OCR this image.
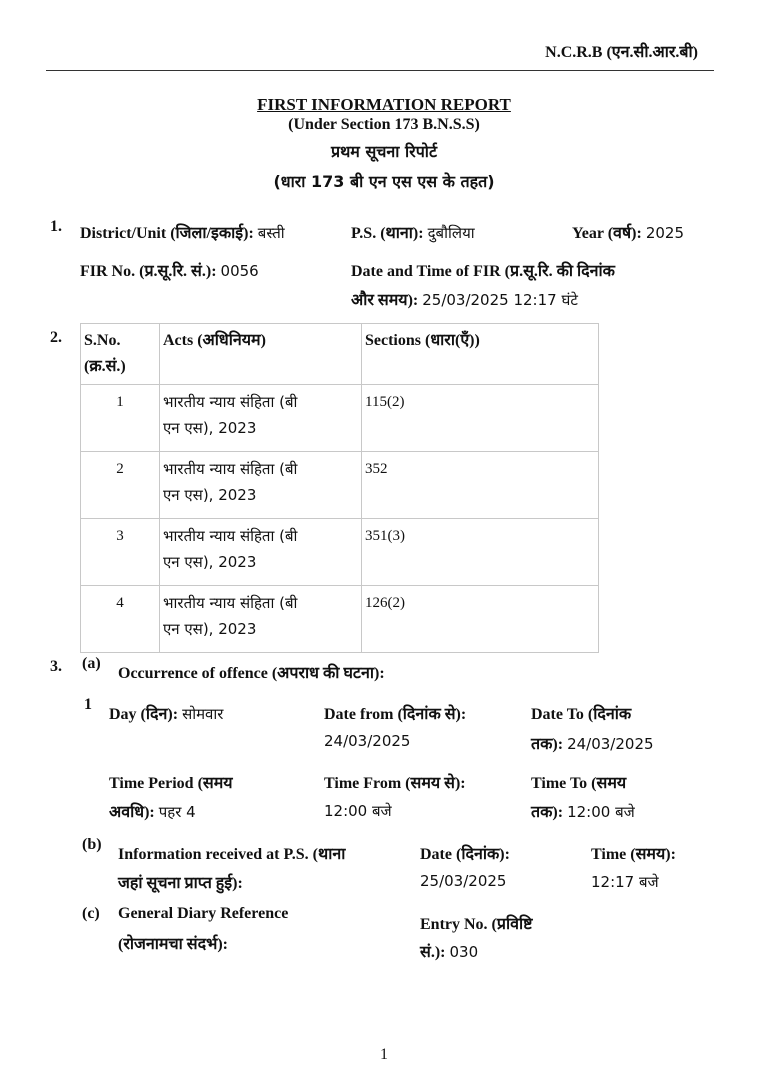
N.C.R.B (एन.सी.आर.बी)
FIRST INFORMATION REPORT
(Under Section 173 B.N.S.S)
प्रथम सूचना रिपोर्ट
(धारा 173 बी एन एस एस के तहत)
1. District/Unit (जिला/इकाई): बस्ती	P.S. (थाना): दुबौलिया	Year (वर्ष): 2025
FIR No. (प्र.सू.रि. सं.): 0056	Date and Time of FIR (प्र.सू.रि. की दिनांक
और समय): 25/03/2025 12:17 घंटे
2. S.No.
(क्र.सं.)	Acts (अधिनियम)	Sections (धारा(एँ))
1	भारतीय न्याय संहिता (बी
एन एस), 2023	115(2)
2	भारतीय न्याय संहिता (बी
एन एस), 2023	352
3	भारतीय न्याय संहिता (बी
एन एस), 2023	351(3)
4	भारतीय न्याय संहिता (बी
एन एस), 2023	126(2)
3. (a)
Occurrence of offence (अपराध की घटना):
1
Day (दिन): सोमवार	Date from (दिनांक से):
24/03/2025
Date To (दिनांक
तक): 24/03/2025
Time Period (समय
अवधि): पहर 4
Time From (समय से):
12:00 बजे
Time To (समय
तक): 12:00 बजे
(b)
Information received at P.S. (थाना
जहां सूचना प्राप्त हुई):
Date (दिनांक):
25/03/2025
Time (समय):
12:17 बजे
(c) General Diary Reference
(रोजनामचा संदर्भ):
Entry No. (प्रविष्टि
सं.): 030
1
